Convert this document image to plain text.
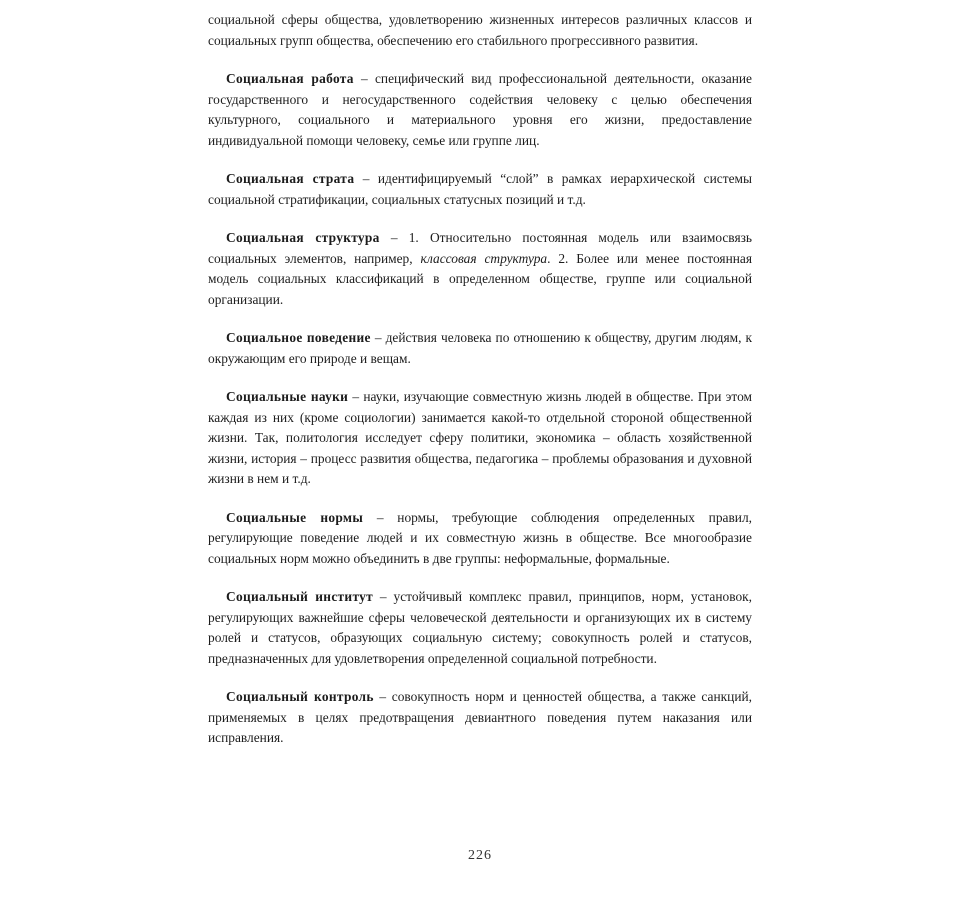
социальной сферы общества, удовлетворению жизненных интересов различных классов и социальных групп общества, обеспечению его стабильного прогрессивного развития.

Социальная работа – специфический вид профессиональной деятельности, оказание государственного и негосударственного содействия человеку с целью обеспечения культурного, социального и материального уровня его жизни, предоставление индивидуальной помощи человеку, семье или группе лиц.

Социальная страта – идентифицируемый “слой” в рамках иерархической системы социальной стратификации, социальных статусных позиций и т.д.

Социальная структура – 1. Относительно постоянная модель или взаимосвязь социальных элементов, например, классовая структура. 2. Более или менее постоянная модель социальных классификаций в определенном обществе, группе или социальной организации.

Социальное поведение – действия человека по отношению к обществу, другим людям, к окружающим его природе и вещам.

Социальные науки – науки, изучающие совместную жизнь людей в обществе. При этом каждая из них (кроме социологии) занимается какой-то отдельной стороной общественной жизни. Так, политология исследует сферу политики, экономика – область хозяйственной жизни, история – процесс развития общества, педагогика – проблемы образования и духовной жизни в нем и т.д.

Социальные нормы – нормы, требующие соблюдения определенных правил, регулирующие поведение людей и их совместную жизнь в обществе. Все многообразие социальных норм можно объединить в две группы: неформальные, формальные.

Социальный институт – устойчивый комплекс правил, принципов, норм, установок, регулирующих важнейшие сферы человеческой деятельности и организующих их в систему ролей и статусов, образующих социальную систему; совокупность ролей и статусов, предназначенных для удовлетворения определенной социальной потребности.

Социальный контроль – совокупность норм и ценностей общества, а также санкций, применяемых в целях предотвращения девиантного поведения путем наказания или исправления.

226
